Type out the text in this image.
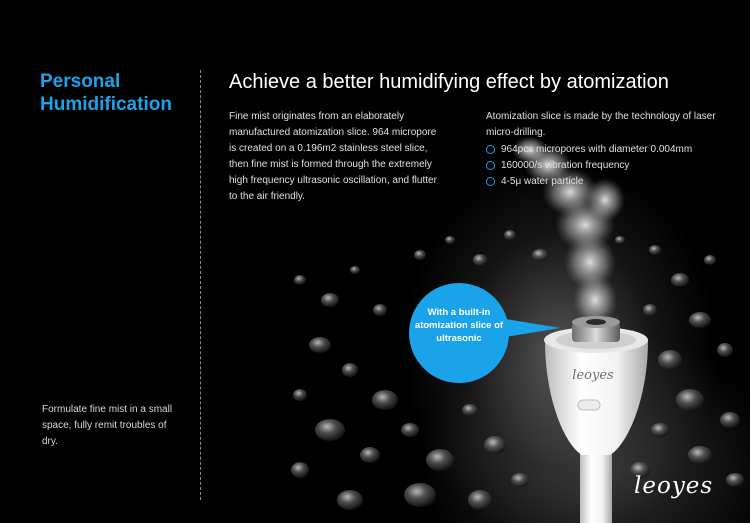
leoyes
Personal Humidification
Formulate fine mist in a small space, fully remit troubles of dry.
Achieve a better humidifying effect by atomization
Fine mist originates from an elaborately manufactured atomization slice. 964 micropore is created on a 0.196m2 stainless steel slice, then fine mist is formed through the extremely high frequency ultrasonic oscillation, and flutter to the air friendly.
Atomization slice is made by the technology of laser micro-drilling.
964pcs micropores with diameter 0.004mm
160000/s vibration frequency
4-5μ water particle
With a built-in atomization slice of ultrasonic
leoyes
